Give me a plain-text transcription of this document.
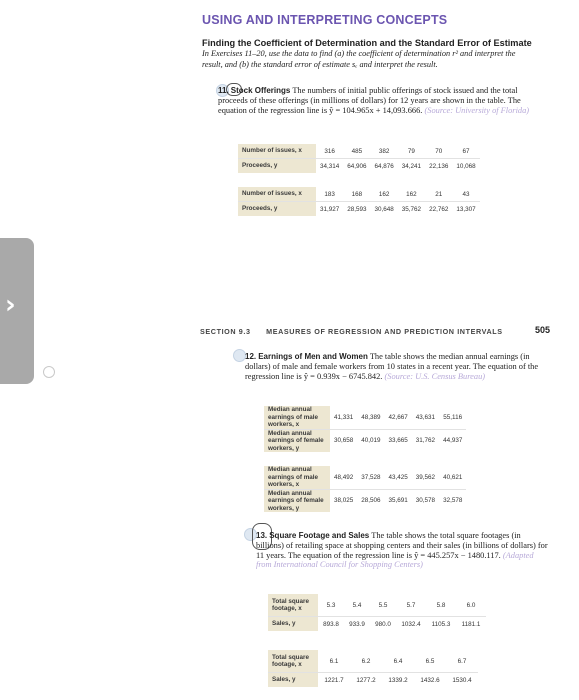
›
USING AND INTERPRETING CONCEPTS
Finding the Coefficient of Determination and the Standard Error of Estimate In Exercises 11–20, use the data to find (a) the coefficient of determination r² and interpret the result, and (b) the standard error of estimate sₑ and interpret the result.
11. Stock Offerings The numbers of initial public offerings of stock issued and the total proceeds of these offerings (in millions of dollars) for 12 years are shown in the table. The equation of the regression line is ŷ = 104.965x + 14,093.666. (Source: University of Florida)
Number of issues, x	316	485	382	79	70	67
Proceeds, y	34,314	64,906	64,876	34,241	22,136	10,068
Number of issues, x	183	168	162	162	21	43
Proceeds, y	31,927	28,593	30,648	35,762	22,762	13,307
SECTION 9.3 MEASURES OF REGRESSION AND PREDICTION INTERVALS	505
12. Earnings of Men and Women The table shows the median annual earnings (in dollars) of male and female workers from 10 states in a recent year. The equation of the regression line is ŷ = 0.939x − 6745.842. (Source: U.S. Census Bureau)
Median annual earnings of male workers, x	41,331	48,389	42,667	43,631	55,116
Median annual earnings of female workers, y	30,658	40,019	33,665	31,762	44,937
Median annual earnings of male workers, x	48,492	37,528	43,425	39,562	40,621
Median annual earnings of female workers, y	38,025	28,506	35,691	30,578	32,578
13. Square Footage and Sales The table shows the total square footages (in billions) of retailing space at shopping centers and their sales (in billions of dollars) for 11 years. The equation of the regression line is ŷ = 445.257x − 1480.117. (Adapted from International Council for Shopping Centers)
Total square footage, x	5.3	5.4	5.5	5.7	5.8	6.0
Sales, y	893.8	933.9	980.0	1032.4	1105.3	1181.1
Total square footage, x	6.1	6.2	6.4	6.5	6.7
Sales, y	1221.7	1277.2	1339.2	1432.6	1530.4
